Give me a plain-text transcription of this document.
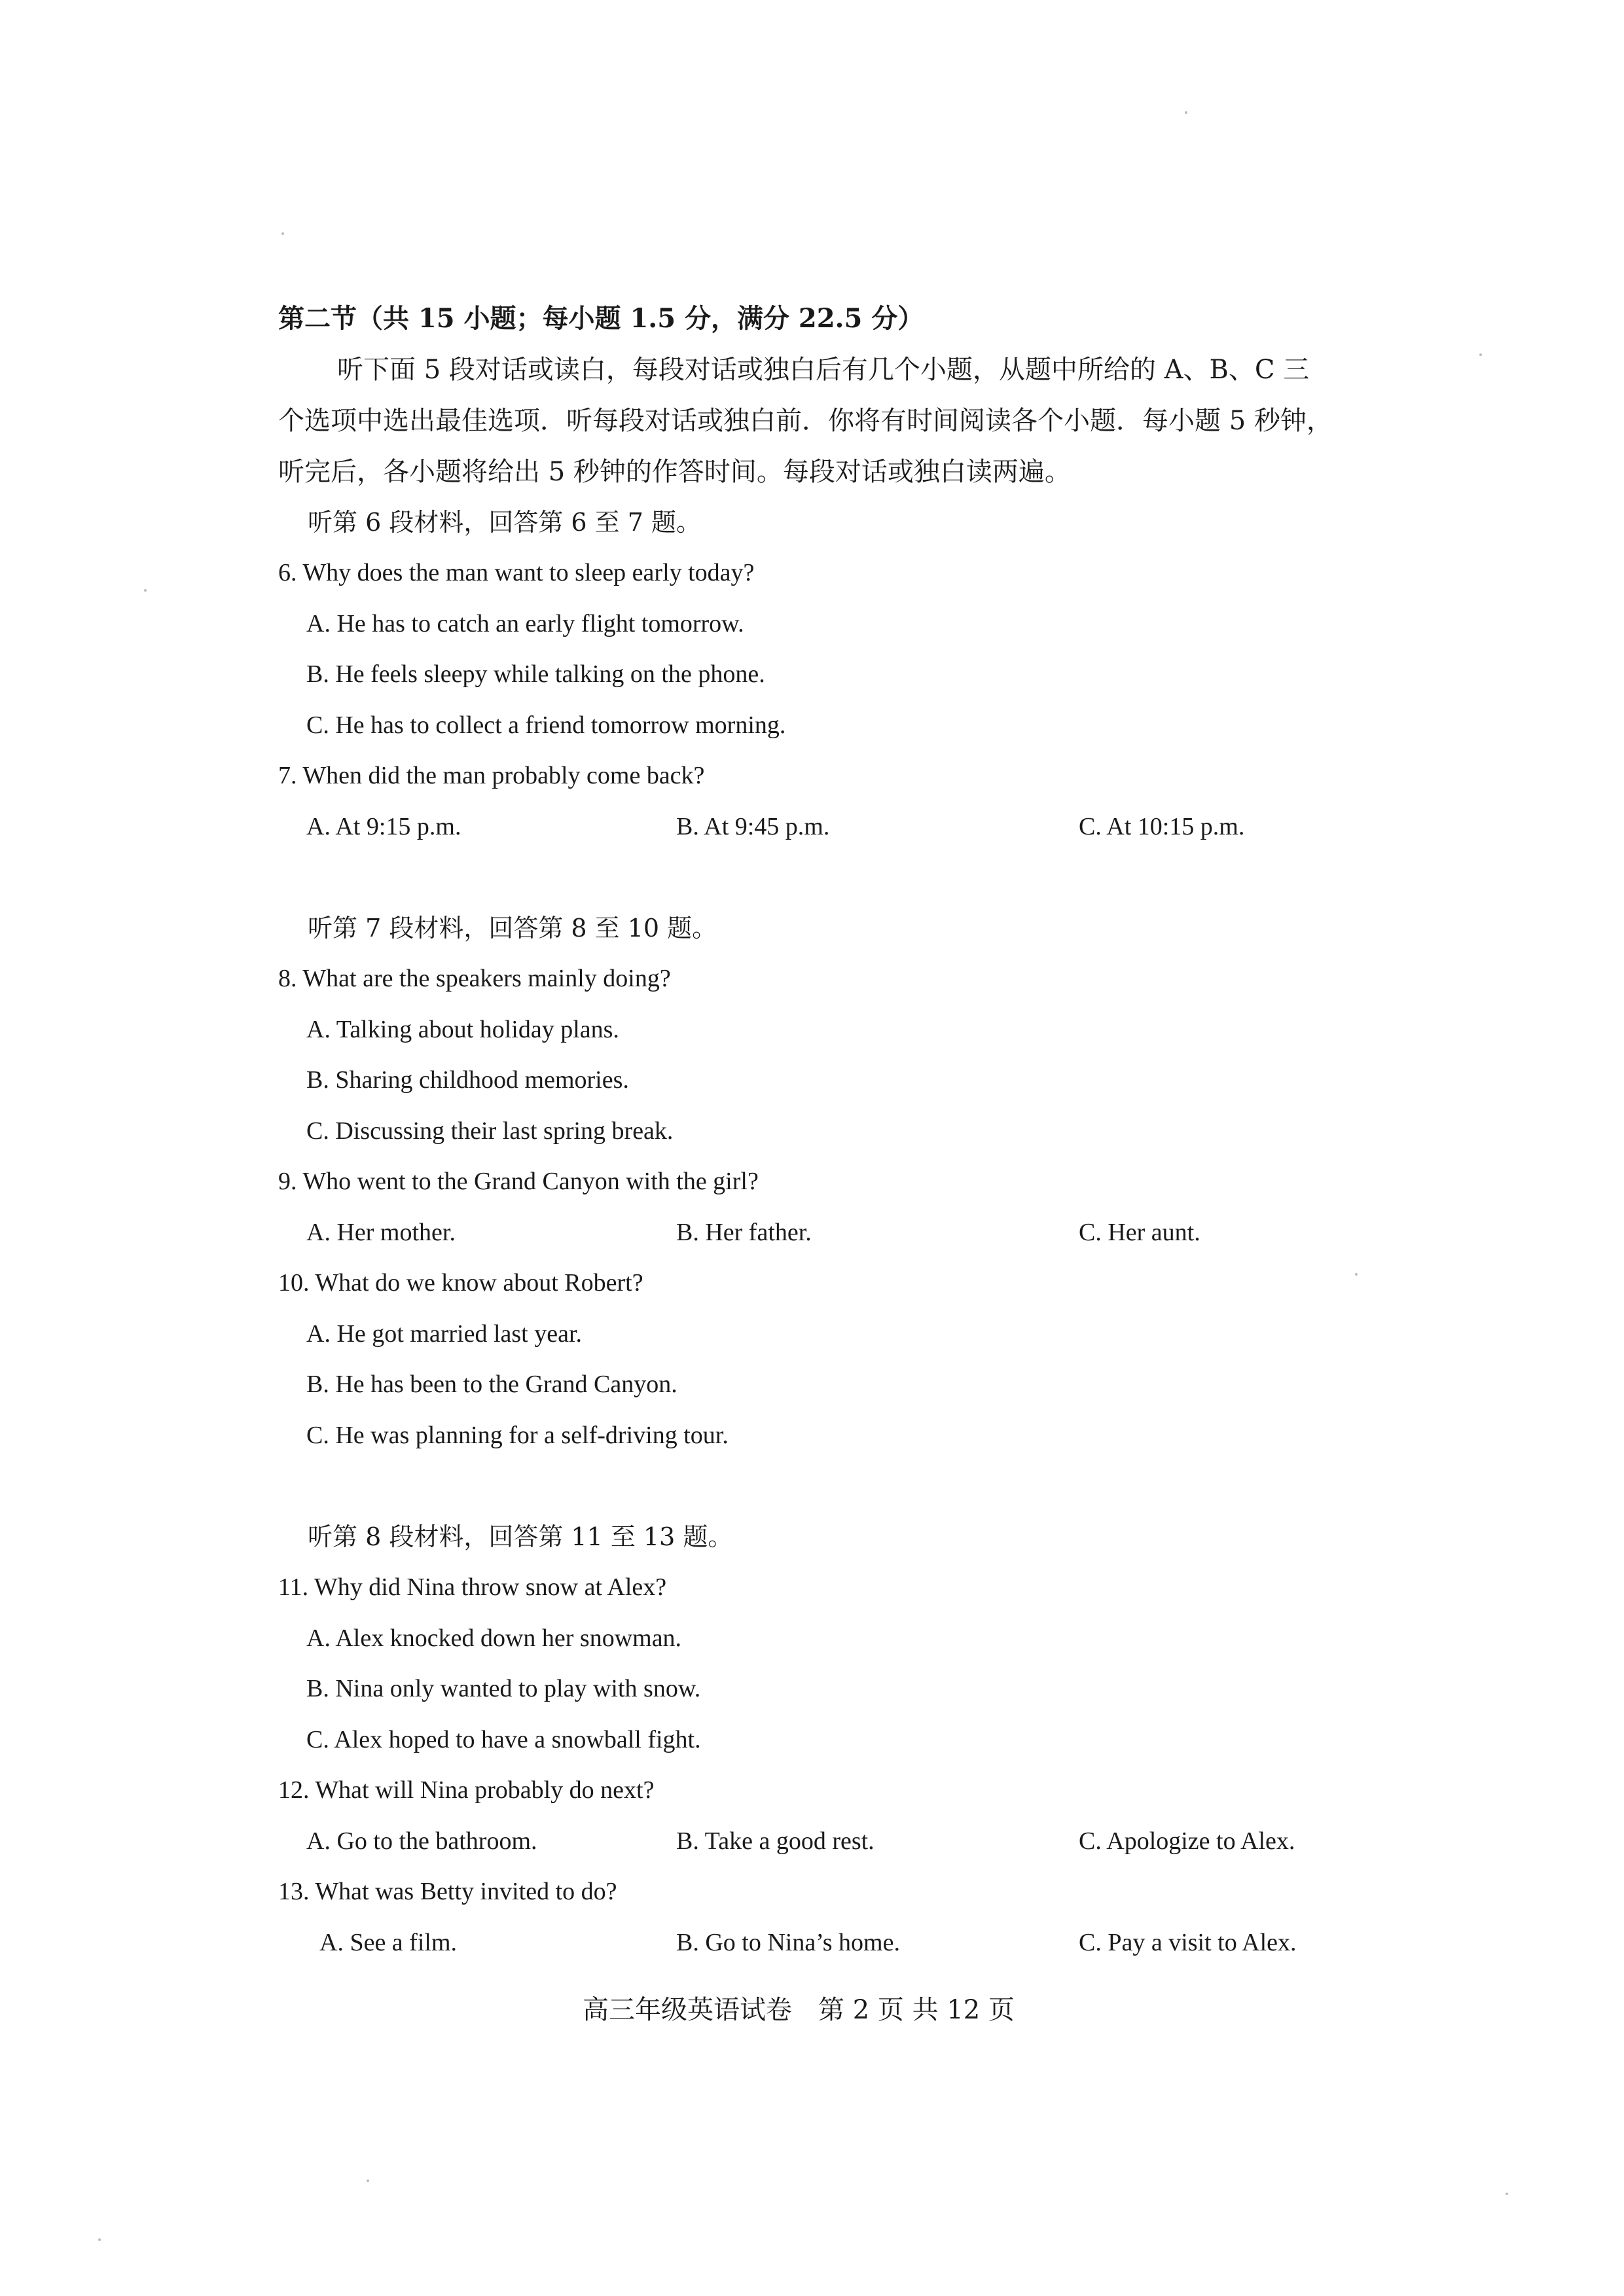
第二节（共 15 小题；每小题 1.5 分，满分 22.5 分）
听下面 5 段对话或读白，每段对话或独白后有几个小题，从题中所给的 A、B、C 三
个选项中选出最佳选项．听每段对话或独白前．你将有时间阅读各个小题．每小题 5 秒钟，
听完后，各小题将给出 5 秒钟的作答时间。每段对话或独白读两遍。
听第 6 段材料，回答第 6 至 7 题。
6. Why does the man want to sleep early today?
A. He has to catch an early flight tomorrow.
B. He feels sleepy while talking on the phone.
C. He has to collect a friend tomorrow morning.
7. When did the man probably come back?
A. At 9:15 p.m.	B. At 9:45 p.m.	C. At 10:15 p.m.
听第 7 段材料，回答第 8 至 10 题。
8. What are the speakers mainly doing?
A. Talking about holiday plans.
B. Sharing childhood memories.
C. Discussing their last spring break.
9. Who went to the Grand Canyon with the girl?
A. Her mother.	B. Her father.	C. Her aunt.
10. What do we know about Robert?
A. He got married last year.
B. He has been to the Grand Canyon.
C. He was planning for a self-driving tour.
听第 8 段材料，回答第 11 至 13 题。
11. Why did Nina throw snow at Alex?
A. Alex knocked down her snowman.
B. Nina only wanted to play with snow.
C. Alex hoped to have a snowball fight.
12. What will Nina probably do next?
A. Go to the bathroom.	B. Take a good rest.	C. Apologize to Alex.
13. What was Betty invited to do?
A. See a film.	B. Go to Nina’s home.	C. Pay a visit to Alex.
高三年级英语试卷　第 2 页 共 12 页
